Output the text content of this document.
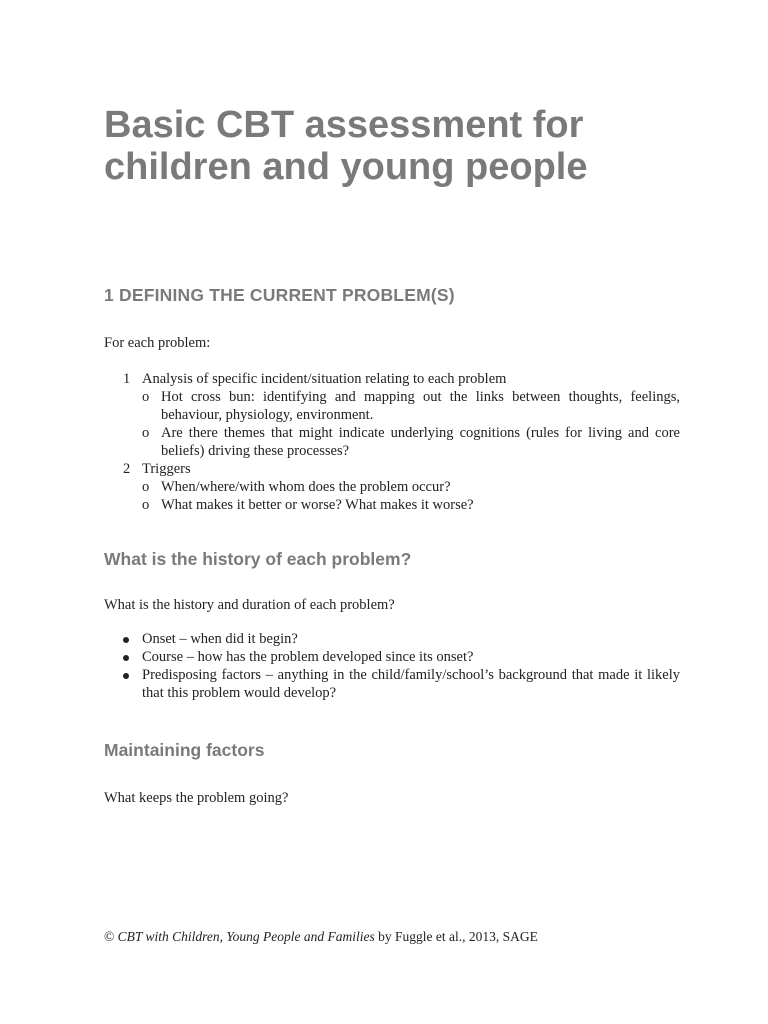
Basic CBT assessment for children and young people
1 DEFINING THE CURRENT PROBLEM(S)

For each problem:

1 Analysis of specific incident/situation relating to each problem
o Hot cross bun: identifying and mapping out the links between thoughts, feelings, behaviour, physiology, environment.
o Are there themes that might indicate underlying cognitions (rules for living and core beliefs) driving these processes?
2 Triggers
o When/where/with whom does the problem occur?
o What makes it better or worse? What makes it worse?
What is the history of each problem?

What is the history and duration of each problem?

Onset – when did it begin?
Course – how has the problem developed since its onset?
Predisposing factors – anything in the child/family/school’s background that made it likely that this problem would develop?
Maintaining factors

What keeps the problem going?

© CBT with Children, Young People and Families by Fuggle et al., 2013, SAGE
